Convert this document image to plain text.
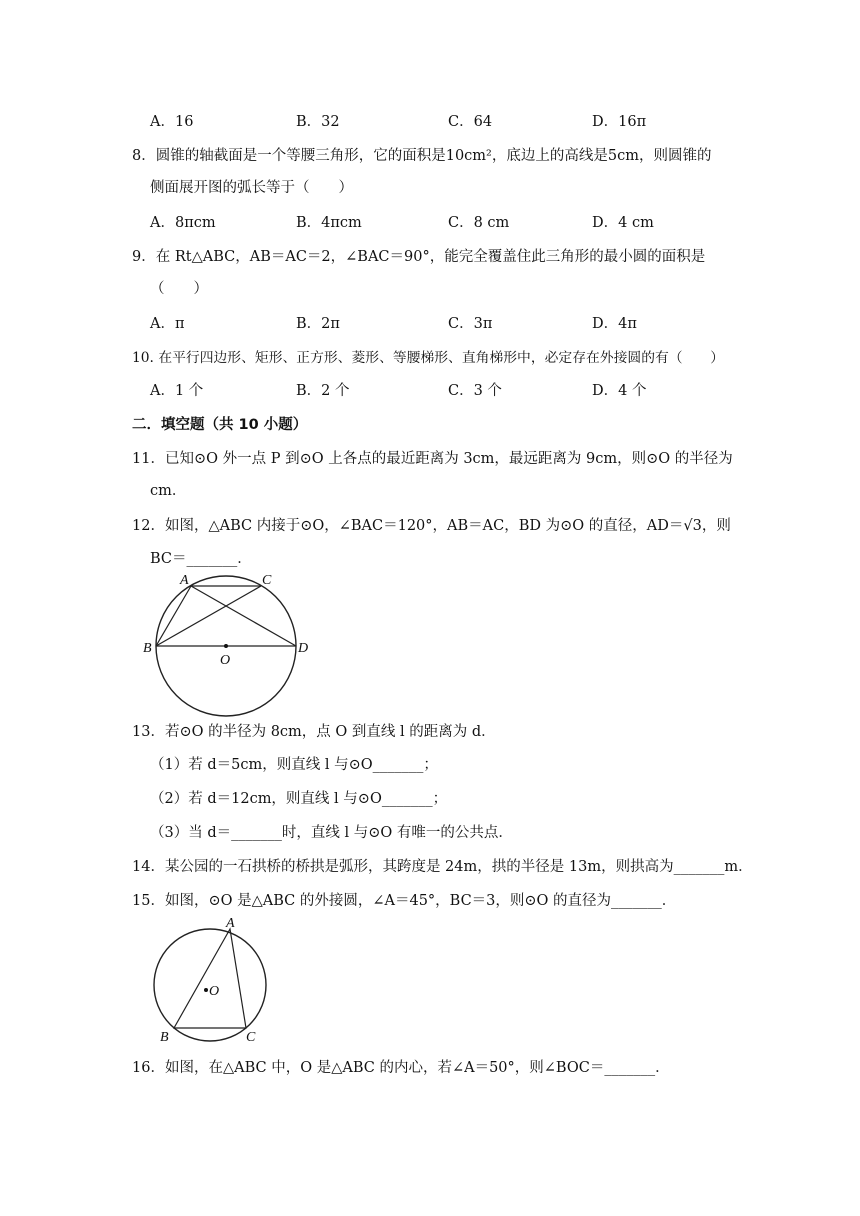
A．16	B．32	C．64	D．16π
8．圆锥的轴截面是一个等腰三角形，它的面积是10cm²，底边上的高线是5cm，则圆锥的
侧面展开图的弧长等于（　　）
A．8πcm	B．4πcm	C．8 cm	D．4 cm
9．在 Rt△ABC，AB＝AC＝2，∠BAC＝90°，能完全覆盖住此三角形的最小圆的面积是
（　　）
A．π	B．2π	C．3π	D．4π
10. 在平行四边形、矩形、正方形、菱形、等腰梯形、直角梯形中，必定存在外接圆的有（　　）
A．1 个	B．2 个	C．3 个	D．4 个
二．填空题（共 10 小题）
11．已知⊙O 外一点 P 到⊙O 上各点的最近距离为 3cm，最远距离为 9cm，则⊙O 的半径为
cm．
12．如图，△ABC 内接于⊙O，∠BAC＝120°，AB＝AC，BD 为⊙O 的直径，AD＝√3，则
BC＝_______．
A	C
B
O
D
13．若⊙O 的半径为 8cm，点 O 到直线 l 的距离为 d．
（1）若 d＝5cm，则直线 l 与⊙O_______；
（2）若 d＝12cm，则直线 l 与⊙O_______；
（3）当 d＝_______时，直线 l 与⊙O 有唯一的公共点．
14．某公园的一石拱桥的桥拱是弧形，其跨度是 24m，拱的半径是 13m，则拱高为_______m．
15．如图，⊙O 是△ABC 的外接圆，∠A＝45°，BC＝3，则⊙O 的直径为_______．
A
O
B	C
16．如图，在△ABC 中，O 是△ABC 的内心，若∠A＝50°，则∠BOC＝_______．
